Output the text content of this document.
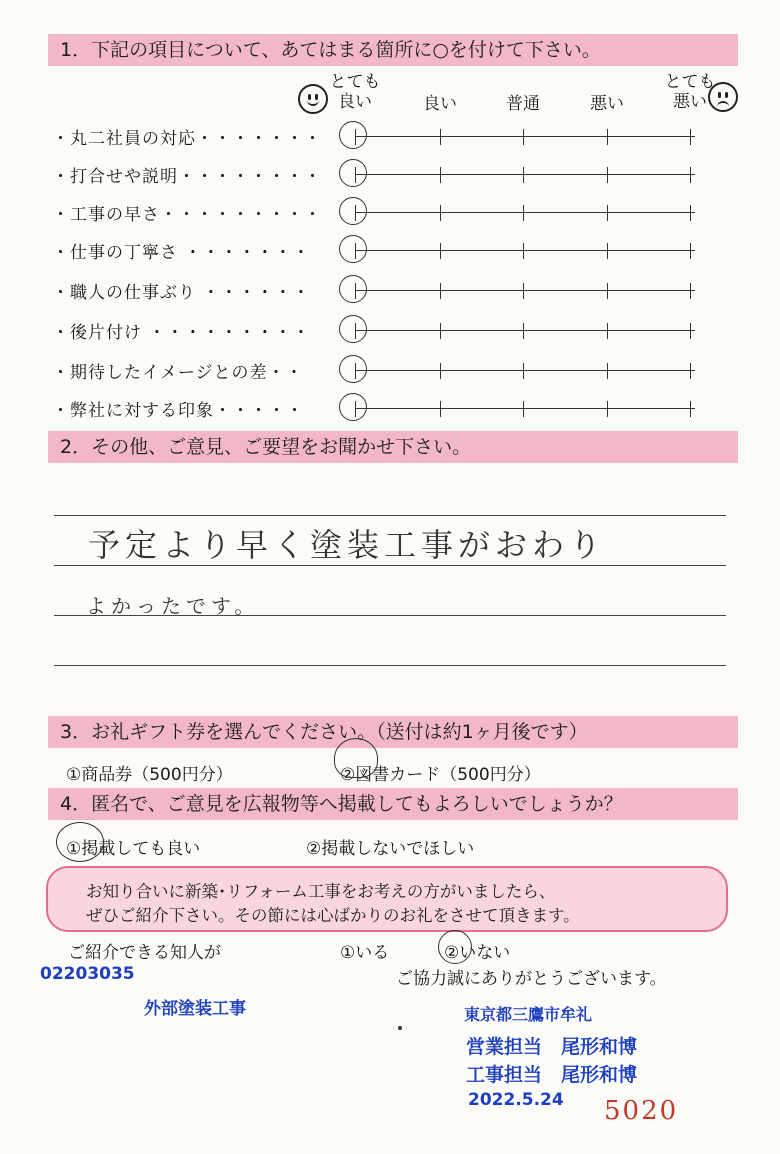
1．下記の項目について、あてはまる箇所に○を付けて下さい。
とても
良い	良い	普通	悪い
とても
悪い
・丸二社員の対応・・・・・・・
・打合せや説明・・・・・・・・
・工事の早さ・・・・・・・・・
・仕事の丁寧さ ・・・・・・・
・職人の仕事ぶり ・・・・・・
・後片付け ・・・・・・・・・
・期待したイメージとの差・・
・弊社に対する印象・・・・・
2．その他、ご意見、ご要望をお聞かせ下さい。
予定より早く塗装工事がおわり
よかったです。
3．お礼ギフト券を選んでください。（送付は約1ヶ月後です）
①商品券（500円分）	②図書カード（500円分）
4．匿名で、ご意見を広報物等へ掲載してもよろしいでしょうか？
①掲載しても良い	②掲載しないでほしい
お知り合いに新築･リフォーム工事をお考えの方がいましたら、
ぜひご紹介下さい。その節には心ばかりのお礼をさせて頂きます。
ご紹介できる知人が	①いる	②いない
ご協力誠にありがとうございます。
02203035
外部塗装工事	東京都三鷹市牟礼
営業担当　尾形和博
工事担当　尾形和博
2022.5.24 5020
